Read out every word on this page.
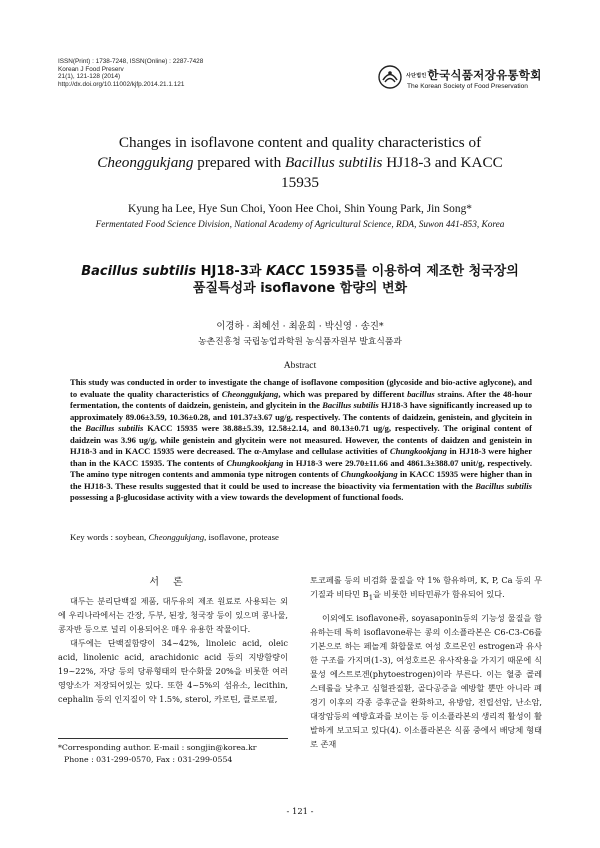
ISSN(Print) : 1738-7248, ISSN(Online) : 2287-7428
Korean J Food Preserv
21(1), 121-128 (2014)
http://dx.doi.org/10.11002/kjfp.2014.21.1.121
사단법인한국식품저장유통학회
The Korean Society of Food Preservation
Changes in isoflavone content and quality characteristics of
Cheonggukjang prepared with Bacillus subtilis HJ18-3 and KACC
15935
Kyung ha Lee, Hye Sun Choi, Yoon Hee Choi, Shin Young Park, Jin Song*
Fermentated Food Science Division, National Academy of Agricultural Science, RDA, Suwon 441-853, Korea
Bacillus subtilis HJ18-3과 KACC 15935를 이용하여 제조한 청국장의
품질특성과 isoflavone 함량의 변화
이경하 · 최혜선 · 최윤희 · 박신영 · 송진*
농촌진흥청 국립농업과학원 농식품자원부 발효식품과
Abstract
This study was conducted in order to investigate the change of isoflavone composition (glycoside and bio-active aglycone), and to evaluate the quality characteristics of Cheonggukjang, which was prepared by different bacillus strains. After the 48-hour fermentation, the contents of daidzein, genistein, and glycitein in the Bacillus subtilis HJ18-3 have significantly increased up to approximately 89.06±3.59, 10.36±0.28, and 101.37±3.67 ug/g, respectively. The contents of daidzein, genistein, and glycitein in the Bacillus subtilis KACC 15935 were 38.88±5.39, 12.58±2.14, and 80.13±0.71 ug/g, respectively. The original content of daidzein was 3.96 ug/g, while genistein and glycitein were not measured. However, the contents of daidzen and genistein in HJ18-3 and in KACC 15935 were decreased. The α-Amylase and cellulase activities of Chungkookjang in HJ18-3 were higher than in the KACC 15935. The contents of Chungkookjang in HJ18-3 were 29.70±11.66 and 4861.3±388.07 unit/g, respectively. The amino type nitrogen contents and ammonia type nitrogen contents of Chungkookjang in KACC 15935 were higher than in the HJ18-3. These results suggested that it could be used to increase the bioactivity via fermentation with the Bacillus subtilis possessing a β-glucosidase activity with a view towards the development of functional foods.
Key words : soybean, Cheonggukjang, isoflavone, protease
서론

대두는 분리단백질 제품, 대두유의 제조 원료로 사용되는 외에 우리나라에서는 간장, 두부, 된장, 청국장 등이 있으며 콩나물, 콩자반 등으로 널리 이용되어온 매우 유용한 작물이다.

대두에는 단백질함량이 34~42%, linoleic acid, oleic acid, linolenic acid, arachidonic acid 등의 지방함량이 19~22%, 자당 등의 당류형태의 탄수화물 20%을 비롯한 여러 영양소가 저장되어있는 있다. 또한 4~5%의 섬유소, lecithin, cephalin 등의 인지질이 약 1.5%, sterol, 카로틴, 클로로필,

토코페롤 등의 비검화 물질을 약 1% 함유하며, K, P, Ca 등의 무기질과 비타민 $B_1$을 비롯한 비타민류가 함유되어 있다.

이외에도 isoflavone류, soyasaponin등의 기능성 물질을 함유하는데 특히 isoflavone류는 콩의 이소플라본은 C6-C3-C6를 기본으로 하는 페놀계 화합물로 여성 호르몬인 estrogen과 유사한 구조를 가지며(1-3), 여성호르몬 유사작용을 가지기 때문에 식물성 에스트로겐(phytoestrogen)이라 부른다. 이는 혈중 콜레스테롤을 낮추고 심혈관질환, 골다공증을 예방할 뿐만 아니라 폐경기 이후의 각종 증후군을 완화하고, 유방암, 전립선암, 난소암, 대장암등의 예방효과를 보이는 등 이소플라본의 생리적 활성이 활발하게 보고되고 있다(4). 이소플라본은 식품 중에서 배당체 형태로 존재

*Corresponding author. E-mail : songjin@korea.kr
Phone : 031-299-0570, Fax : 031-299-0554
- 121 -
